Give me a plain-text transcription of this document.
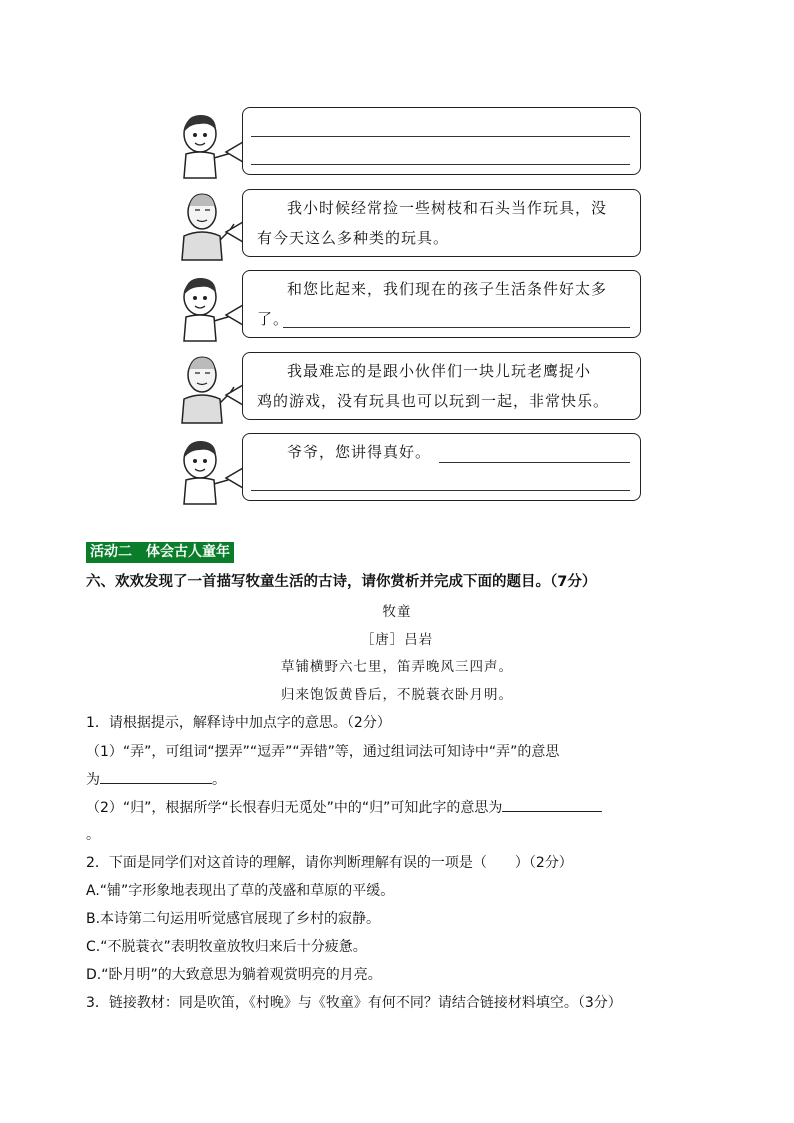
我小时候经常捡一些树枝和石头当作玩具，没
有今天这么多种类的玩具。
和您比起来，我们现在的孩子生活条件好太多
了。
我最难忘的是跟小伙伴们一块儿玩老鹰捉小
鸡的游戏，没有玩具也可以玩到一起，非常快乐。
爷爷，您讲得真好。
活动二　体会古人童年
六、欢欢发现了一首描写牧童生活的古诗，请你赏析并完成下面的题目。（7分）
牧童
［唐］吕岩
草铺横野六七里，笛弄晚风三四声。
归来饱饭黄昏后，不脱蓑衣卧月明。
1．请根据提示，解释诗中加点字的意思。（2分）
（1）“弄”，可组词“摆弄”“逗弄”“弄错”等，通过组词法可知诗中“弄”的意思
为	。
（2）“归”，根据所学“长恨春归无觅处”中的“归”可知此字的意思为
。
2．下面是同学们对这首诗的理解，请你判断理解有误的一项是（　　）（2分）
A.“铺”字形象地表现出了草的茂盛和草原的平缓。
B.本诗第二句运用听觉感官展现了乡村的寂静。
C.“不脱蓑衣”表明牧童放牧归来后十分疲惫。
D.“卧月明”的大致意思为躺着观赏明亮的月亮。
3．链接教材：同是吹笛，《村晚》与《牧童》有何不同？请结合链接材料填空。（3分）
